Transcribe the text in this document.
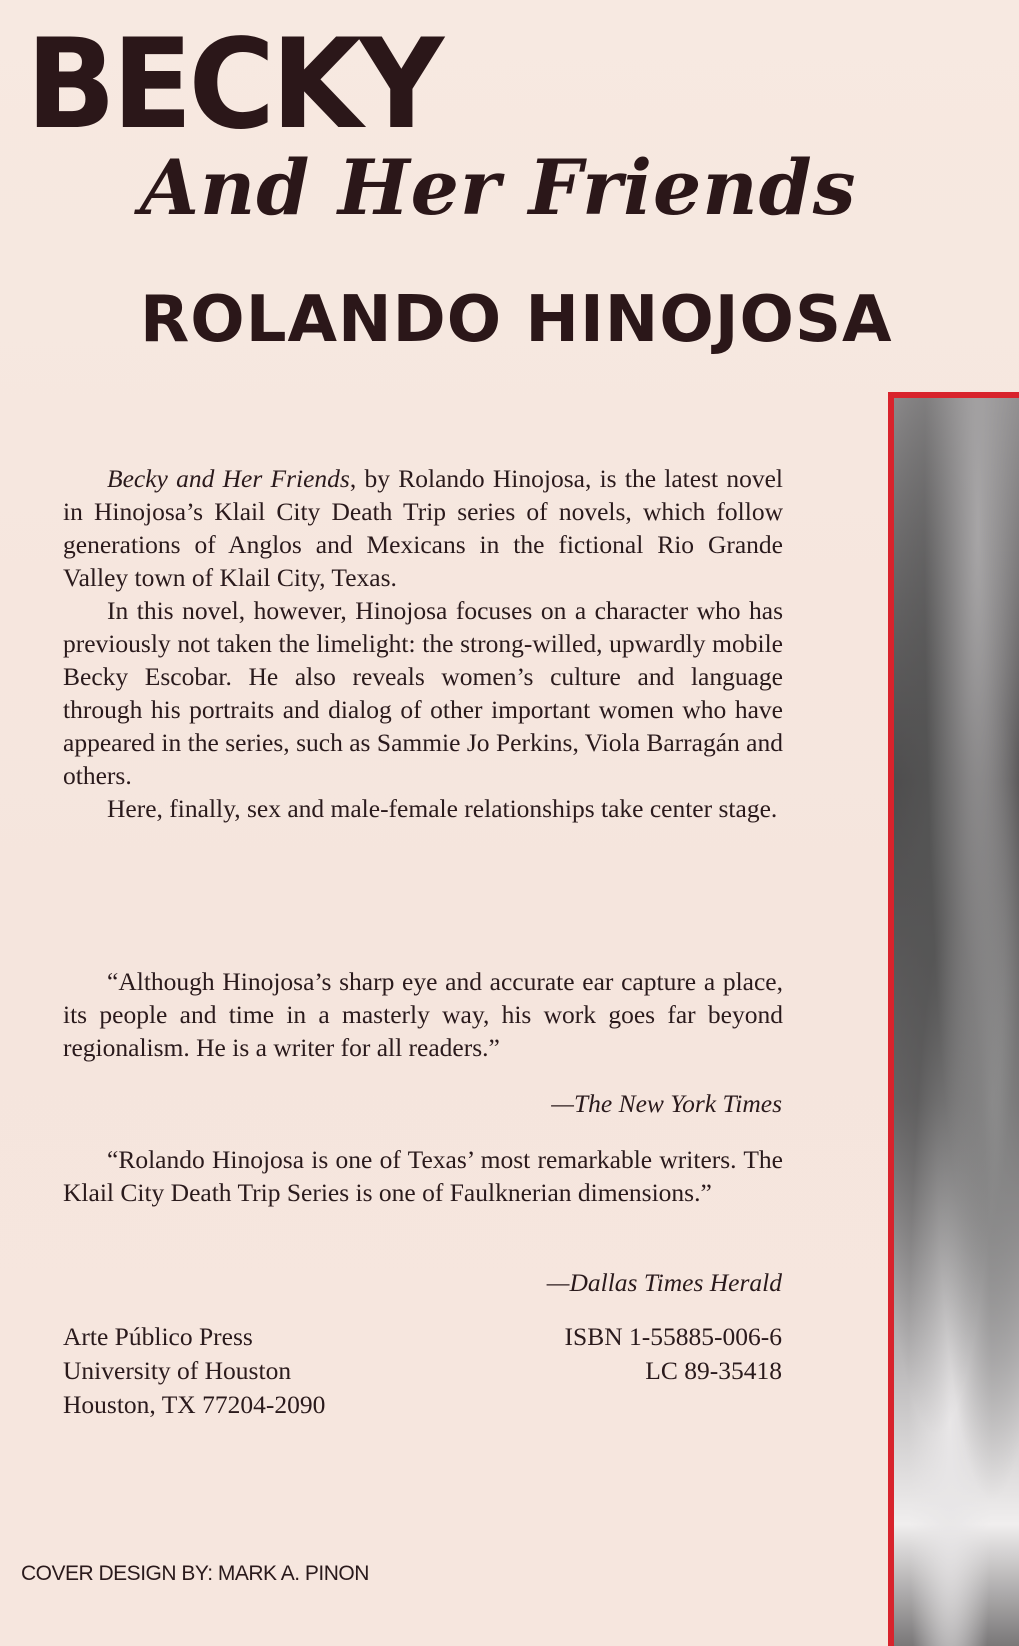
BECKY
And Her Friends
ROLANDO HINOJOSA

Becky and Her Friends, by Rolando Hinojosa, is the latest novel in Hinojosa’s Klail City Death Trip series of novels, which follow generations of Anglos and Mexicans in the fictional Rio Grande Valley town of Klail City, Texas.

In this novel, however, Hinojosa focuses on a character who has previously not taken the limelight: the strong-willed, upwardly mobile Becky Escobar. He also reveals women’s culture and language through his portraits and dialog of other important women who have appeared in the series, such as Sammie Jo Perkins, Viola Barragán and others.

Here, finally, sex and male-female relationships take center stage.

“Although Hinojosa’s sharp eye and accurate ear capture a place, its people and time in a masterly way, his work goes far beyond regionalism. He is a writer for all readers.”

—The New York Times

“Rolando Hinojosa is one of Texas’ most remarkable writers. The Klail City Death Trip Series is one of Faulknerian dimensions.”

—Dallas Times Herald

Arte Público Press
University of Houston
Houston, TX 77204-2090
ISBN 1-55885-006-6
LC 89-35418

COVER DESIGN BY: MARK A. PINON
